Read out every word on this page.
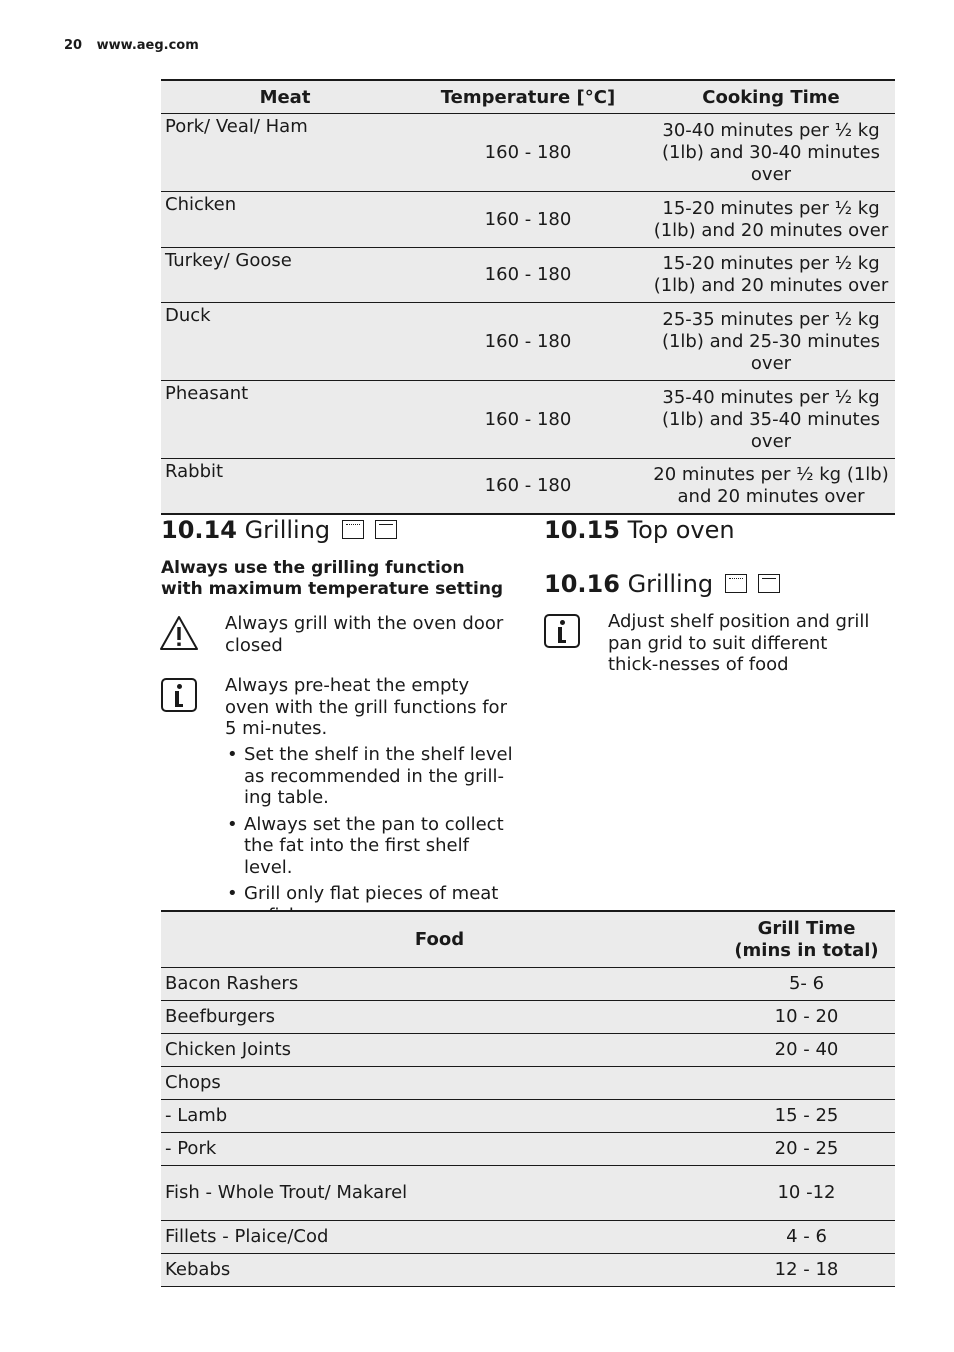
20 www.aeg.com
Meat	Temperature [°C]	Cooking Time
Pork/ Veal/ Ham	160 - 180	30-40 minutes per ½ kg (1lb) and 30-40 minutes over
Chicken	160 - 180	15-20 minutes per ½ kg (1lb) and 20 minutes over
Turkey/ Goose	160 - 180	15-20 minutes per ½ kg (1lb) and 20 minutes over
Duck	160 - 180	25-35 minutes per ½ kg (1lb) and 25-30 minutes over
Pheasant	160 - 180	35-40 minutes per ½ kg (1lb) and 35-40 minutes over
Rabbit	160 - 180	20 minutes per ½ kg (1lb) and 20 minutes over
10.14 Grilling
Always use the grilling function with maximum temperature setting
Always grill with the oven door closed
Always pre-heat the empty oven with the grill functions for 5 mi-nutes.
• Set the shelf in the shelf level as recommended in the grill-ing table.
• Always set the pan to collect the fat into the first shelf level.
• Grill only flat pieces of meat
10.15 Top oven
10.16 Grilling
Adjust shelf position and grill pan grid to suit different thick-nesses of food
Food	Grill Time
(mins in total)
Bacon Rashers	5- 6
Beefburgers	10 - 20
Chicken Joints	20 - 40
Chops	
- Lamb	15 - 25
- Pork	20 - 25
Fish - Whole Trout/ Makarel	10 -12
Fillets - Plaice/Cod	4 - 6
Kebabs	12 - 18
